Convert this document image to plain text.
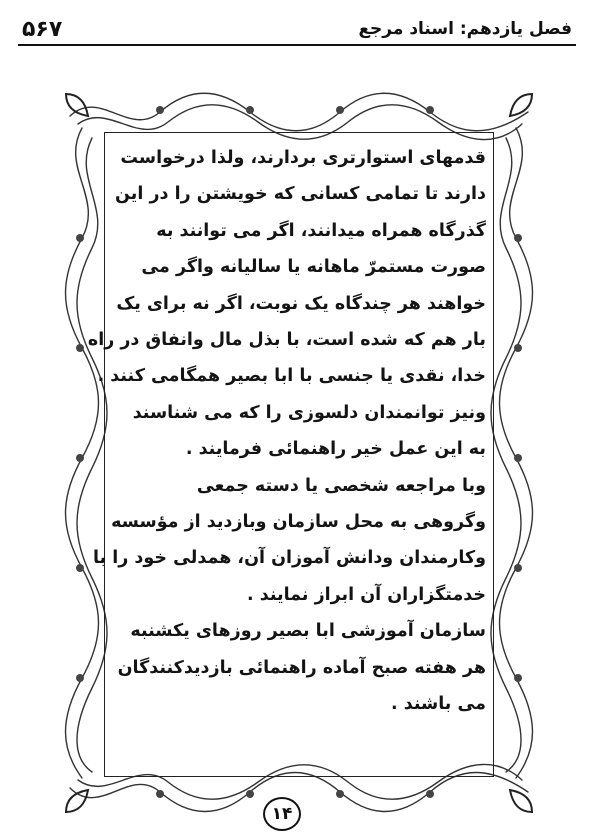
۵۶۷	فصل یازدهم: اسناد مرجع
قدمهای استوارتری بردارند، ولذا درخواست
دارند تا تمامی کسانی که خویشتن را در این
گذرگاه همراه میدانند، اگر می توانند به
صورت مستمرّ ماهانه یا سالیانه واگر می
خواهند هر چندگاه یک نوبت، اگر نه برای یک
بار هم که شده است، با بذل مال وانفاق در راه
خدا، نقدی یا جنسی با ابا بصیر همگامی کنند .
ونیز توانمندان دلسوزی را که می شناسند
به این عمل خیر راهنمائی فرمایند .
وبا مراجعه شخصی یا دسته جمعی
وگروهی به محل سازمان وبازدید از مؤسسه
وکارمندان ودانش آموزان آن، همدلی خود را با
خدمتگزاران آن ابراز نمایند .
سازمان آموزشی ابا بصیر روزهای یکشنبه
هر هفته صبح آماده راهنمائی بازدیدکنندگان
می باشند .
۱۴
